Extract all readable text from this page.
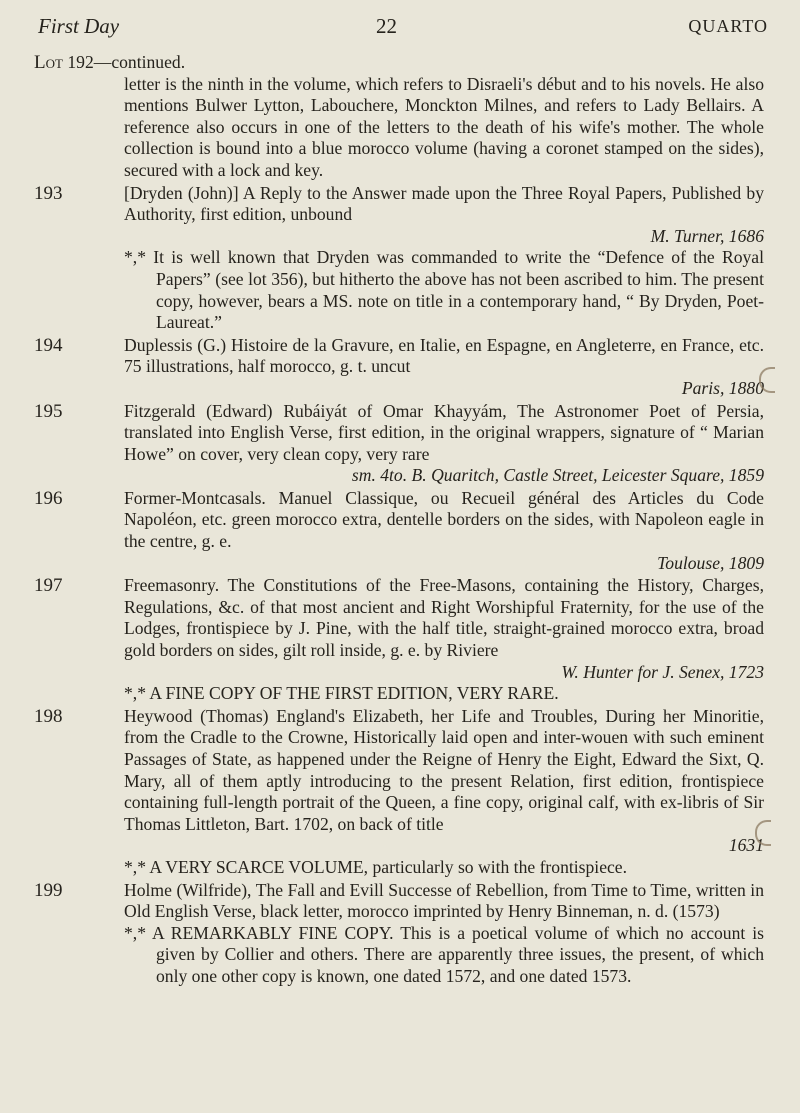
First Day	22	QUARTO
Lot 192—continued.

letter is the ninth in the volume, which refers to Disraeli's début and to his novels. He also mentions Bulwer Lytton, Labouchere, Monckton Milnes, and refers to Lady Bellairs. A reference also occurs in one of the letters to the death of his wife's mother. The whole collection is bound into a blue morocco volume (having a coronet stamped on the sides), secured with a lock and key.

193	[Dryden (John)] A Reply to the Answer made upon the Three Royal Papers, Published by Authority, first edition, unbound

M. Turner, 1686

*,* It is well known that Dryden was commanded to write the “Defence of the Royal Papers” (see lot 356), but hitherto the above has not been ascribed to him. The present copy, however, bears a MS. note on title in a contemporary hand, “ By Dryden, Poet-Laureat.”

194	Duplessis (G.) Histoire de la Gravure, en Italie, en Espagne, en Angleterre, en France, etc. 75 illustrations, half morocco, g. t. uncut

Paris, 1880

195	Fitzgerald (Edward) Rubáiyát of Omar Khayyám, The Astronomer Poet of Persia, translated into English Verse, first edition, in the original wrappers, signature of “ Marian Howe” on cover, very clean copy, very rare

sm. 4to. B. Quaritch, Castle Street, Leicester Square, 1859

196	Former-Montcasals. Manuel Classique, ou Recueil général des Articles du Code Napoléon, etc. green morocco extra, dentelle borders on the sides, with Napoleon eagle in the centre, g. e.

Toulouse, 1809

197	Freemasonry. The Constitutions of the Free-Masons, containing the History, Charges, Regulations, &c. of that most ancient and Right Worshipful Fraternity, for the use of the Lodges, frontispiece by J. Pine, with the half title, straight-grained morocco extra, broad gold borders on sides, gilt roll inside, g. e. by Riviere

W. Hunter for J. Senex, 1723

*,* A FINE COPY OF THE FIRST EDITION, VERY RARE.

198	Heywood (Thomas) England's Elizabeth, her Life and Troubles, During her Minoritie, from the Cradle to the Crowne, Historically laid open and inter-wouen with such eminent Passages of State, as happened under the Reigne of Henry the Eight, Edward the Sixt, Q. Mary, all of them aptly introducing to the present Relation, first edition, frontispiece containing full-length portrait of the Queen, a fine copy, original calf, with ex-libris of Sir Thomas Littleton, Bart. 1702, on back of title

1631

*,* A VERY SCARCE VOLUME, particularly so with the frontispiece.

199	Holme (Wilfride), The Fall and Evill Successe of Rebellion, from Time to Time, written in Old English Verse, black letter, morocco imprinted by Henry Binneman, n. d. (1573)

*,* A REMARKABLY FINE COPY. This is a poetical volume of which no account is given by Collier and others. There are apparently three issues, the present, of which only one other copy is known, one dated 1572, and one dated 1573.
